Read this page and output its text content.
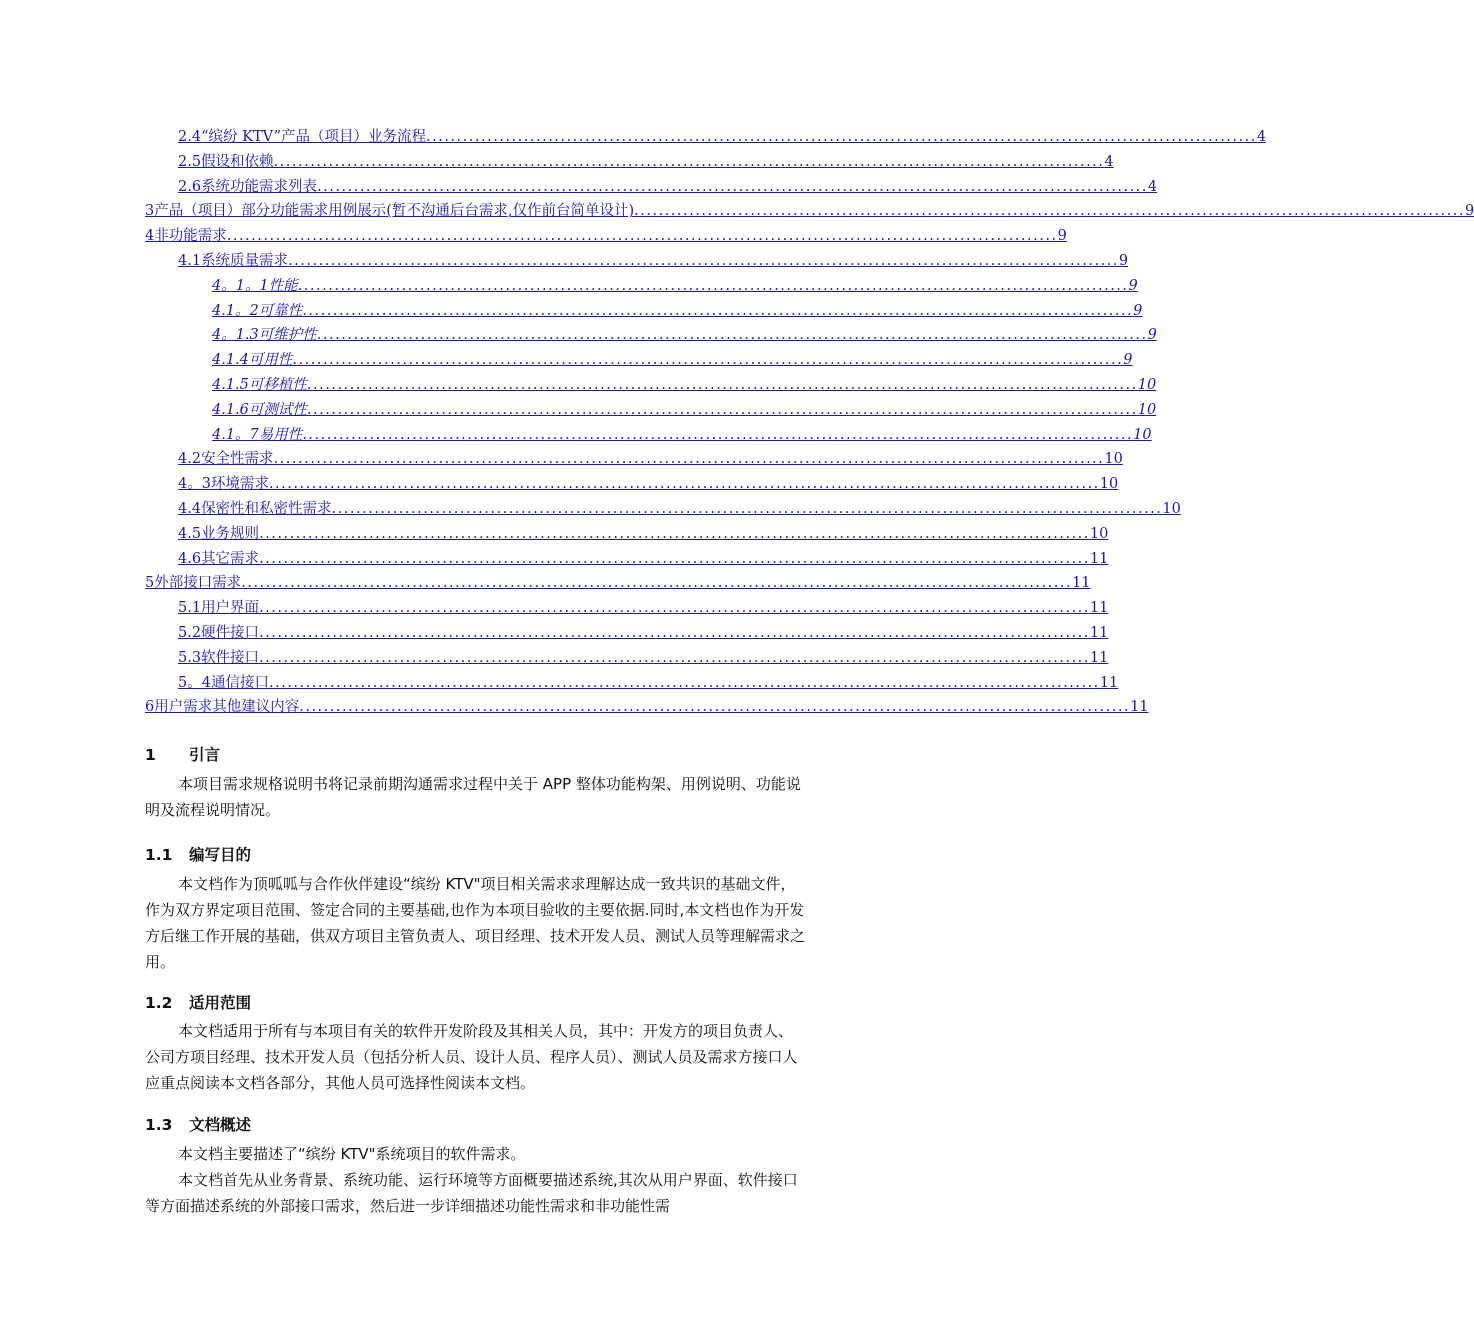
2.4 “缤纷 KTV”产品（项目）业务流程 ........................................................................................................................................ 4
2.5 假设和依赖 ........................................................................................................................................ 4
2.6 系统功能需求列表 ........................................................................................................................................ 4
3 产品（项目）部分功能需求用例展示(暂不沟通后台需求,仅作前台简单设计) ........................................................................................................................................ 9
4 非功能需求 ........................................................................................................................................ 9
4.1 系统质量需求 ........................................................................................................................................ 9
4。1。1 性能 ........................................................................................................................................ 9
4.1。2 可靠性 ........................................................................................................................................ 9
4。1.3 可维护性 ........................................................................................................................................ 9
4.1.4 可用性 ........................................................................................................................................ 9
4.1.5 可移植性 ........................................................................................................................................ 10
4.1.6 可测试性 ........................................................................................................................................ 10
4.1。7 易用性 ........................................................................................................................................ 10
4.2 安全性需求 ........................................................................................................................................ 10
4。3 环境需求 ........................................................................................................................................ 10
4.4 保密性和私密性需求 ........................................................................................................................................ 10
4.5 业务规则 ........................................................................................................................................ 10
4.6 其它需求 ........................................................................................................................................ 11
5 外部接口需求 ........................................................................................................................................ 11
5.1 用户界面 ........................................................................................................................................ 11
5.2 硬件接口 ........................................................................................................................................ 11
5.3 软件接口 ........................................................................................................................................ 11
5。4 通信接口 ........................................................................................................................................ 11
6 用户需求其他建议内容 ........................................................................................................................................ 11
1 引言

本项目需求规格说明书将记录前期沟通需求过程中关于 APP 整体功能构架、用例说明、功能说明及流程说明情况。

1.1 编写目的

本文档作为顶呱呱与合作伙伴建设“缤纷 KTV"项目相关需求求理解达成一致共识的基础文件，作为双方界定项目范围、签定合同的主要基础,也作为本项目验收的主要依据.同时,本文档也作为开发方后继工作开展的基础，供双方项目主管负责人、项目经理、技术开发人员、测试人员等理解需求之用。

1.2 适用范围

本文档适用于所有与本项目有关的软件开发阶段及其相关人员，其中：开发方的项目负责人、公司方项目经理、技术开发人员（包括分析人员、设计人员、程序人员）、测试人员及需求方接口人应重点阅读本文档各部分，其他人员可选择性阅读本文档。

1.3 文档概述

本文档主要描述了“缤纷 KTV"系统项目的软件需求。

本文档首先从业务背景、系统功能、运行环境等方面概要描述系统,其次从用户界面、软件接口等方面描述系统的外部接口需求，然后进一步详细描述功能性需求和非功能性需
